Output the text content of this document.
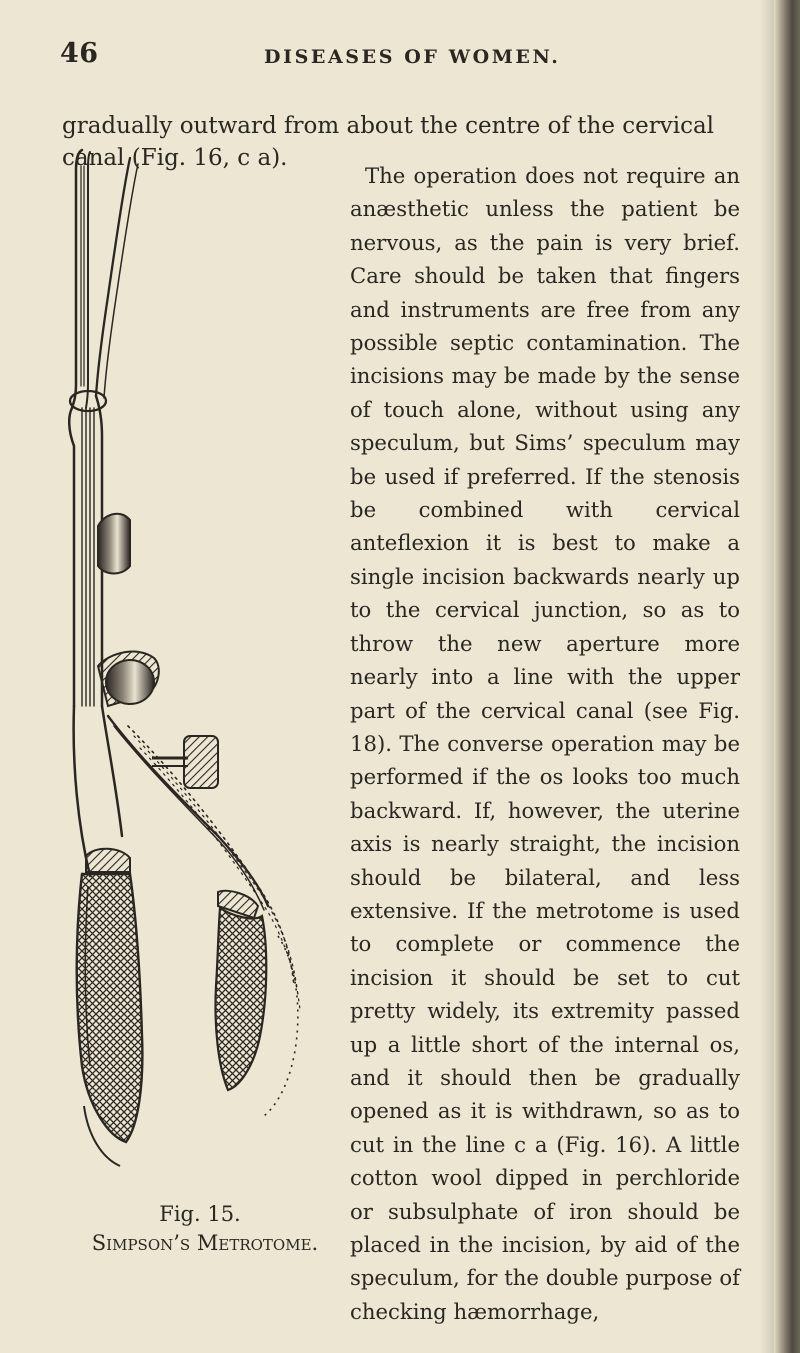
46	DISEASES OF WOMEN.
gradually outward from about the centre of the cervical
canal (Fig. 16, c a).

The operation does not require an anæsthetic unless the patient be nervous, as the pain is very brief. Care should be taken that fingers and instruments are free from any possible septic contamination. The incisions may be made by the sense of touch alone, without using any speculum, but Sims’ speculum may be used if preferred. If the stenosis be combined with cervical anteflexion it is best to make a single incision backwards nearly up to the cervical junction, so as to throw the new aperture more nearly into a line with the upper part of the cervical canal (see Fig. 18). The converse operation may be performed if the os looks too much backward. If, however, the uterine axis is nearly straight, the incision should be bilateral, and less extensive. If the metrotome is used to complete or commence the incision it should be set to cut pretty widely, its extremity passed up a little short of the internal os, and it should then be gradually opened as it is withdrawn, so as to cut in the line c a (Fig. 16). A little cotton wool dipped in perchloride or subsulphate of iron should be placed in the incision, by aid of the speculum, for the double purpose of checking hæmorrhage,

Fig. 15.
Simpson’s Metrotome.
